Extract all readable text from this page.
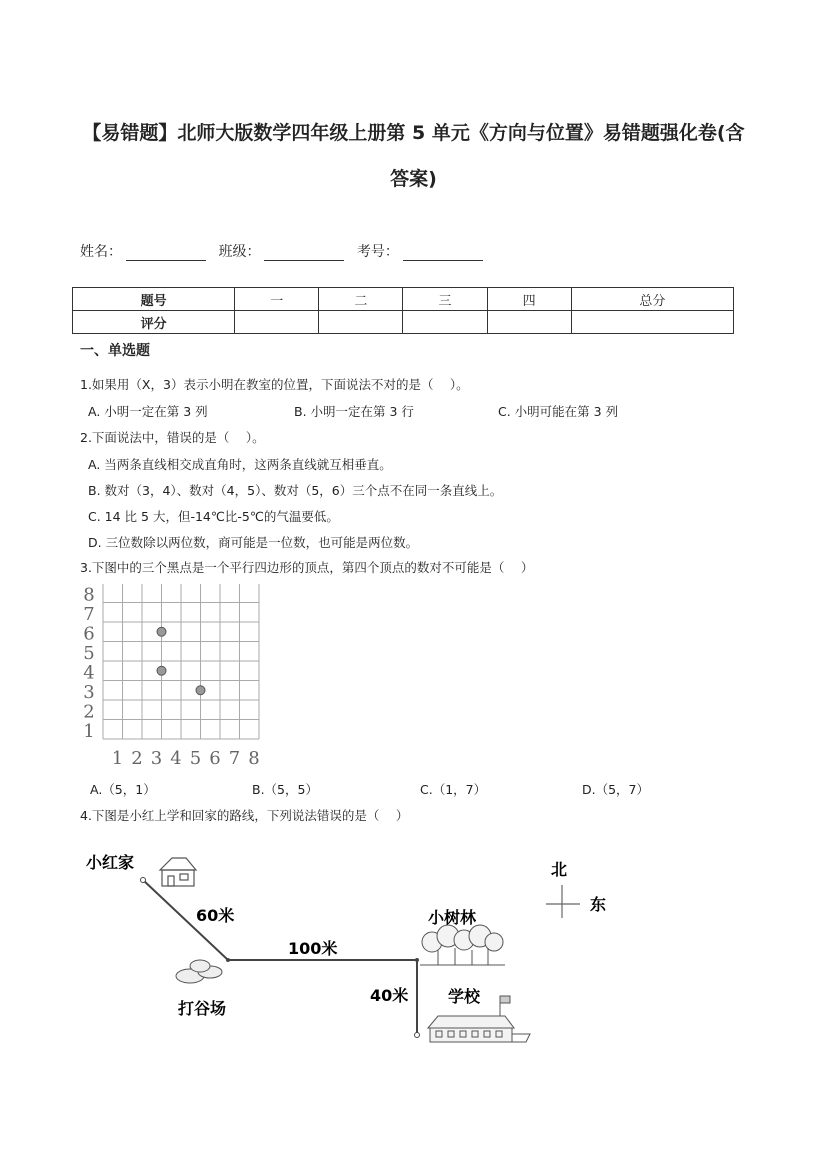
【易错题】北师大版数学四年级上册第 5 单元《方向与位置》易错题强化卷(含
答案)
姓名：	班级：	考号：
题号	一	二	三	四	总分
评分					
一、单选题
1.如果用（X，3）表示小明在教室的位置，下面说法不对的是（　 ）。
A. 小明一定在第 3 列	B. 小明一定在第 3 行	C. 小明可能在第 3 列
2.下面说法中，错误的是（　 ）。
A. 当两条直线相交成直角时，这两条直线就互相垂直。
B. 数对（3，4）、数对（4，5）、数对（5，6）三个点不在同一条直线上。
C. 14 比 5 大，但-14℃比-5℃的气温要低。
D. 三位数除以两位数，商可能是一位数，也可能是两位数。
3.下图中的三个黑点是一个平行四边形的顶点，第四个顶点的数对不可能是（　 ）
1 2 3 4 5 6 7 8
1
2
3
4
5
6
7
8
A.（5，1）	B.（5，5）	C.（1，7）	D.（5，7）
4.下图是小红上学和回家的路线，下列说法错误的是（　 ）
小红家
60米
100米
40米
打谷场
小树林
学校
北
东
